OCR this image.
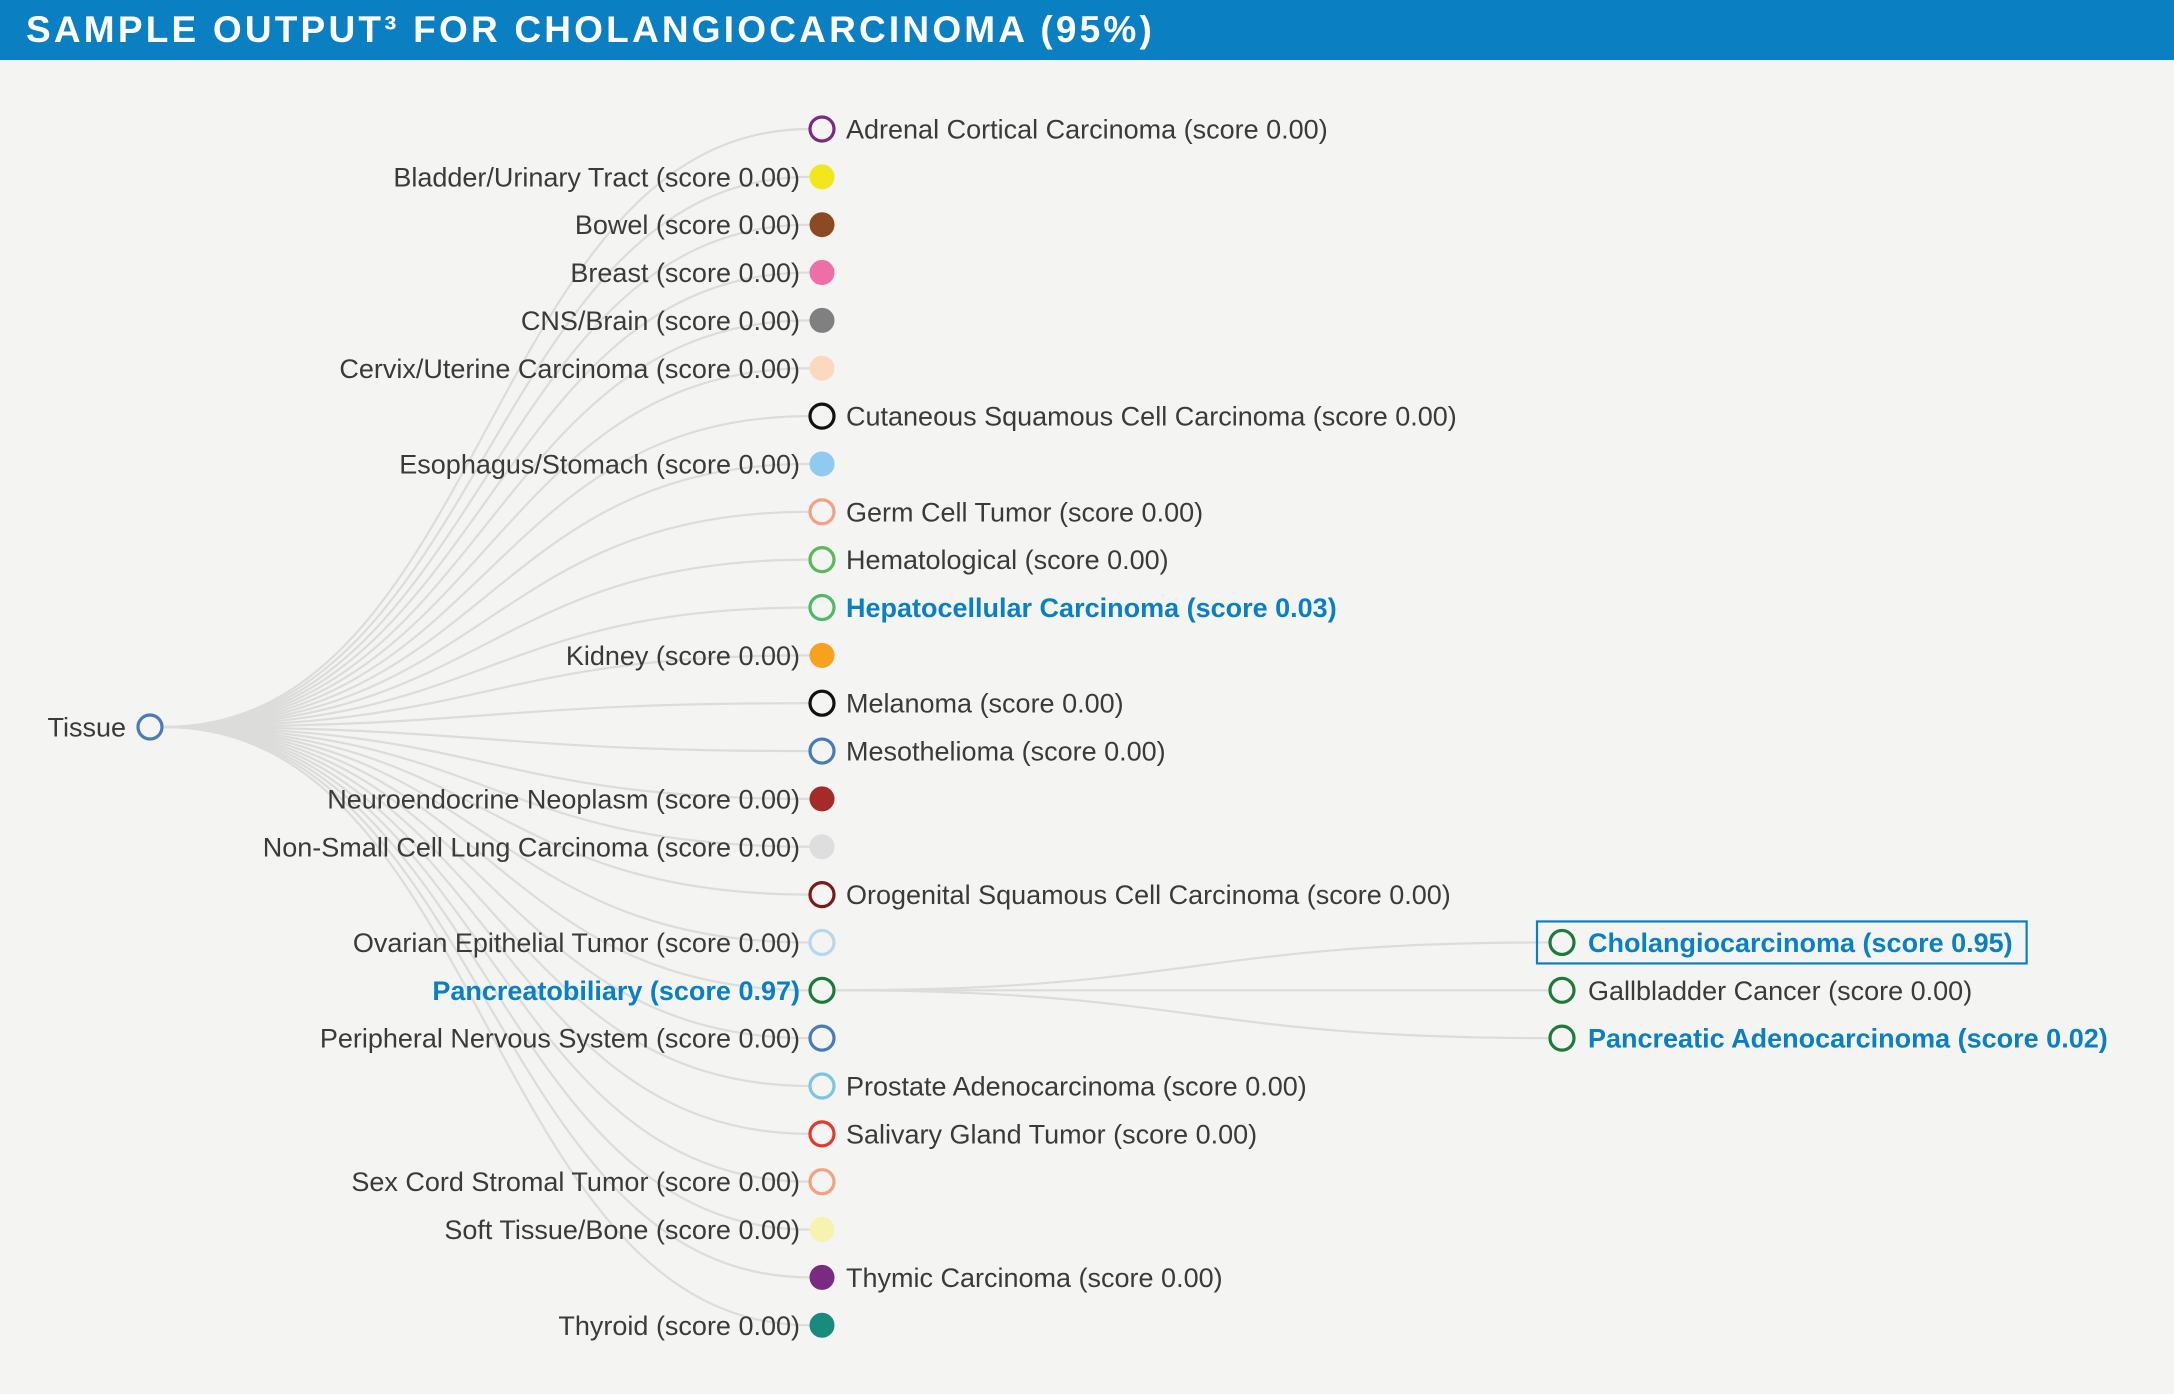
SAMPLE OUTPUT³ FOR CHOLANGIOCARCINOMA (95%)
Tissue
Adrenal Cortical Carcinoma (score 0.00)
Bladder/Urinary Tract (score 0.00)
Bowel (score 0.00)
Breast (score 0.00)
CNS/Brain (score 0.00)
Cervix/Uterine Carcinoma (score 0.00)
Cutaneous Squamous Cell Carcinoma (score 0.00)
Esophagus/Stomach (score 0.00)
Germ Cell Tumor (score 0.00)
Hematological (score 0.00)
Hepatocellular Carcinoma (score 0.03)
Kidney (score 0.00)
Melanoma (score 0.00)
Mesothelioma (score 0.00)
Neuroendocrine Neoplasm (score 0.00)
Non-Small Cell Lung Carcinoma (score 0.00)
Orogenital Squamous Cell Carcinoma (score 0.00)
Ovarian Epithelial Tumor (score 0.00)
Pancreatobiliary (score 0.97)
Peripheral Nervous System (score 0.00)
Prostate Adenocarcinoma (score 0.00)
Salivary Gland Tumor (score 0.00)
Sex Cord Stromal Tumor (score 0.00)
Soft Tissue/Bone (score 0.00)
Thymic Carcinoma (score 0.00)
Thyroid (score 0.00)
Cholangiocarcinoma (score 0.95)
Gallbladder Cancer (score 0.00)
Pancreatic Adenocarcinoma (score 0.02)
